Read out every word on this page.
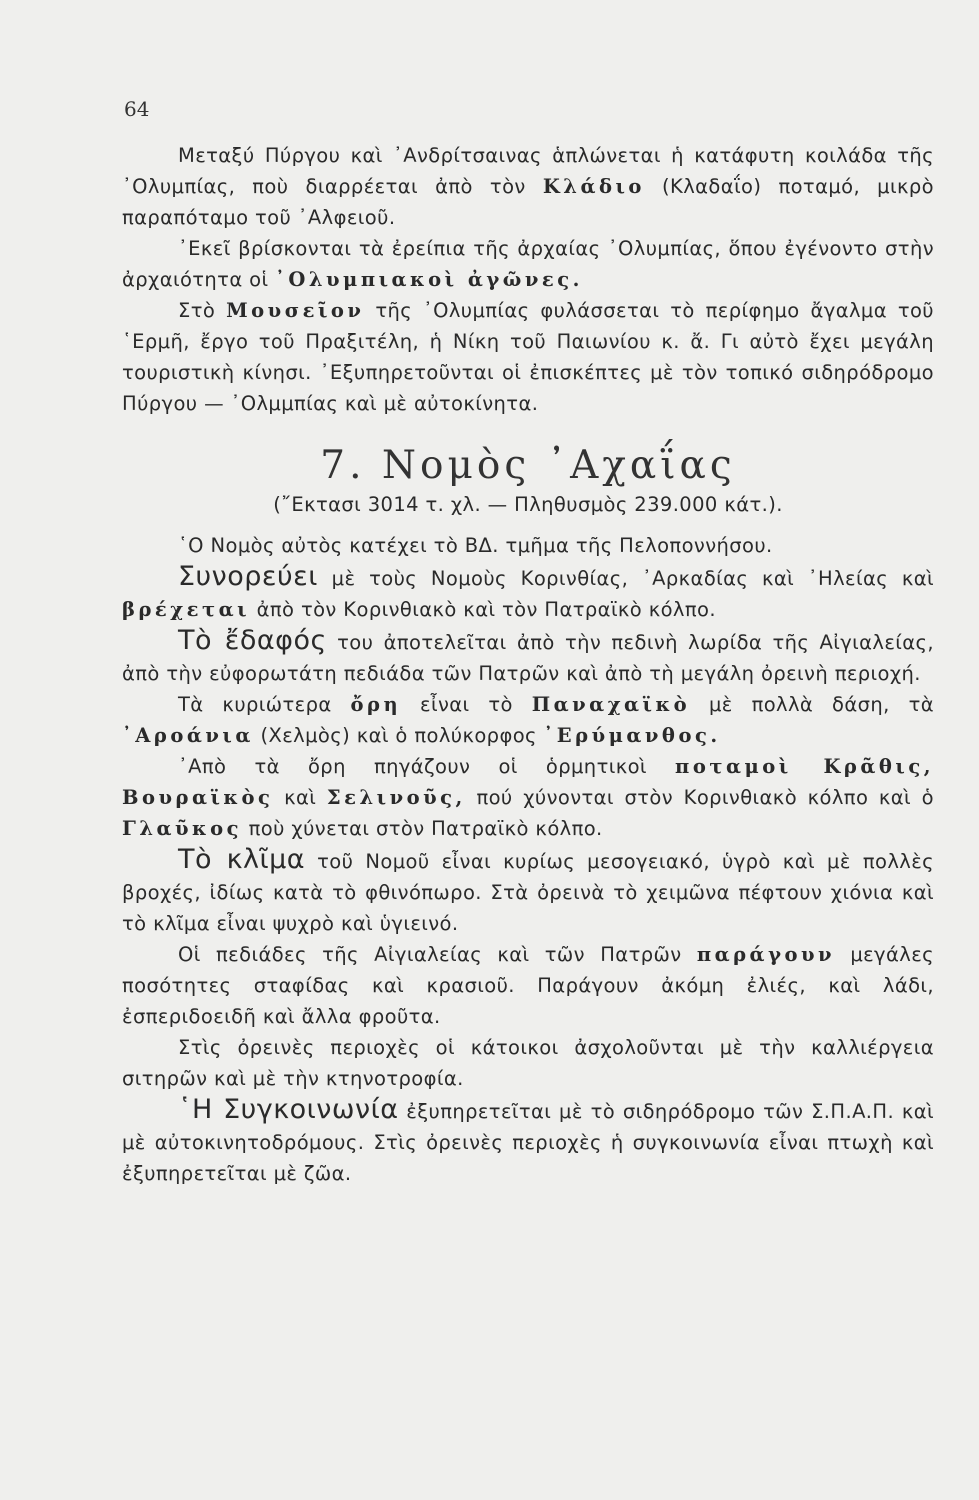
64

Μεταξύ Πύργου καὶ ᾿Ανδρίτσαινας ἁπλώνεται ἡ κατάφυτη κοιλάδα τῆς ᾿Ολυμπίας, ποὺ διαρρέεται ἀπὸ τὸν Κλάδιο (Κλαδαΐο) ποταμό, μικρὸ παραπόταμο τοῦ ᾿Αλφειοῦ.

᾿Εκεῖ βρίσκονται τὰ ἐρείπια τῆς ἀρχαίας ᾿Ολυμπίας, ὅπου ἐγένοντο στὴν ἀρχαιότητα οἱ ᾿Ολυμπιακοὶ ἀγῶνες.

Στὸ Μουσεῖον τῆς ᾿Ολυμπίας φυλάσσεται τὸ περίφημο ἄγαλμα τοῦ ῾Ερμῆ, ἔργο τοῦ Πραξιτέλη, ἡ Νίκη τοῦ Παιωνίου κ. ἄ. Γι αὐτὸ ἔχει μεγάλη τουριστικὴ κίνησι. ᾿Εξυπηρετοῦνται οἱ ἐπισκέπτες μὲ τὸν τοπικό σιδηρόδρομο Πύργου — ᾿Ολμμπίας καὶ μὲ αὐτοκίνητα.

7. Νομὸς ᾿Αχαΐας
(῎Εκτασι 3014 τ. χλ. — Πληθυσμὸς 239.000 κάτ.).

῾Ο Νομὸς αὐτὸς κατέχει τὸ ΒΔ. τμῆμα τῆς Πελοποννήσου.

Συνορεύει μὲ τοὺς Νομοὺς Κορινθίας, ᾿Αρκαδίας καὶ ᾿Ηλείας καὶ βρέχεται ἀπὸ τὸν Κορινθιακὸ καὶ τὸν Πατραϊκὸ κόλπο.

Τὸ ἔδαφός του ἀποτελεῖται ἀπὸ τὴν πεδινὴ λωρίδα τῆς Αἰγιαλείας, ἀπὸ τὴν εὐφορωτάτη πεδιάδα τῶν Πατρῶν καὶ ἀπὸ τὴ μεγάλη ὀρεινὴ περιοχή.

Τὰ κυριώτερα ὄρη εἶναι τὸ Παναχαϊκὸ μὲ πολλὰ δάση, τὰ ᾿Αροάνια (Χελμὸς) καὶ ὁ πολύκορφος ᾿Ερύμανθος.

᾿Απὸ τὰ ὄρη πηγάζουν οἱ ὁρμητικοὶ ποταμοὶ Κρᾶθις, Βουραϊκὸς καὶ Σελινοῦς, πού χύνονται στὸν Κορινθιακὸ κόλπο καὶ ὁ Γλαῦκος ποὺ χύνεται στὸν Πατραϊκὸ κόλπο.

Τὸ κλῖμα τοῦ Νομοῦ εἶναι κυρίως μεσογειακό, ὑγρὸ καὶ μὲ πολλὲς βροχές, ἰδίως κατὰ τὸ φθινόπωρο. Στὰ ὀρεινὰ τὸ χειμῶνα πέφτουν χιόνια καὶ τὸ κλῖμα εἶναι ψυχρὸ καὶ ὑγιεινό.

Οἱ πεδιάδες τῆς Αἰγιαλείας καὶ τῶν Πατρῶν παράγουν μεγάλες ποσότητες σταφίδας καὶ κρασιοῦ. Παράγουν ἀκόμη ἐλιές, καὶ λάδι, ἐσπεριδοειδῆ καὶ ἄλλα φροῦτα.

Στὶς ὀρεινὲς περιοχὲς οἱ κάτοικοι ἀσχολοῦνται μὲ τὴν καλλιέργεια σιτηρῶν καὶ μὲ τὴν κτηνοτροφία.

῾Η Συγκοινωνία ἐξυπηρετεῖται μὲ τὸ σιδηρόδρομο τῶν Σ.Π.Α.Π. καὶ μὲ αὐτοκινητοδρόμους. Στὶς ὀρεινὲς περιοχὲς ἡ συγκοινωνία εἶναι πτωχὴ καὶ ἐξυπηρετεῖται μὲ ζῶα.
